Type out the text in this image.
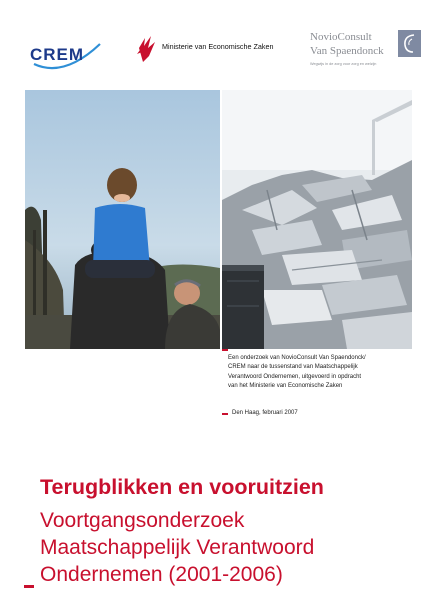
CREM	Ministerie van Economische Zaken
NovioConsult
Van Spaendonck
Wegwijs in de zorg voor zorg en welzijn
Een onderzoek van NovioConsult Van Spaendonck/
CREM naar de tussenstand van Maatschappelijk
Verantwoord Ondernemen, uitgevoerd in opdracht
van het Ministerie van Economische Zaken
Den Haag, februari 2007
Terugblikken en vooruitzien
Voortgangsonderzoek
Maatschappelijk Verantwoord
Ondernemen (2001-2006)
